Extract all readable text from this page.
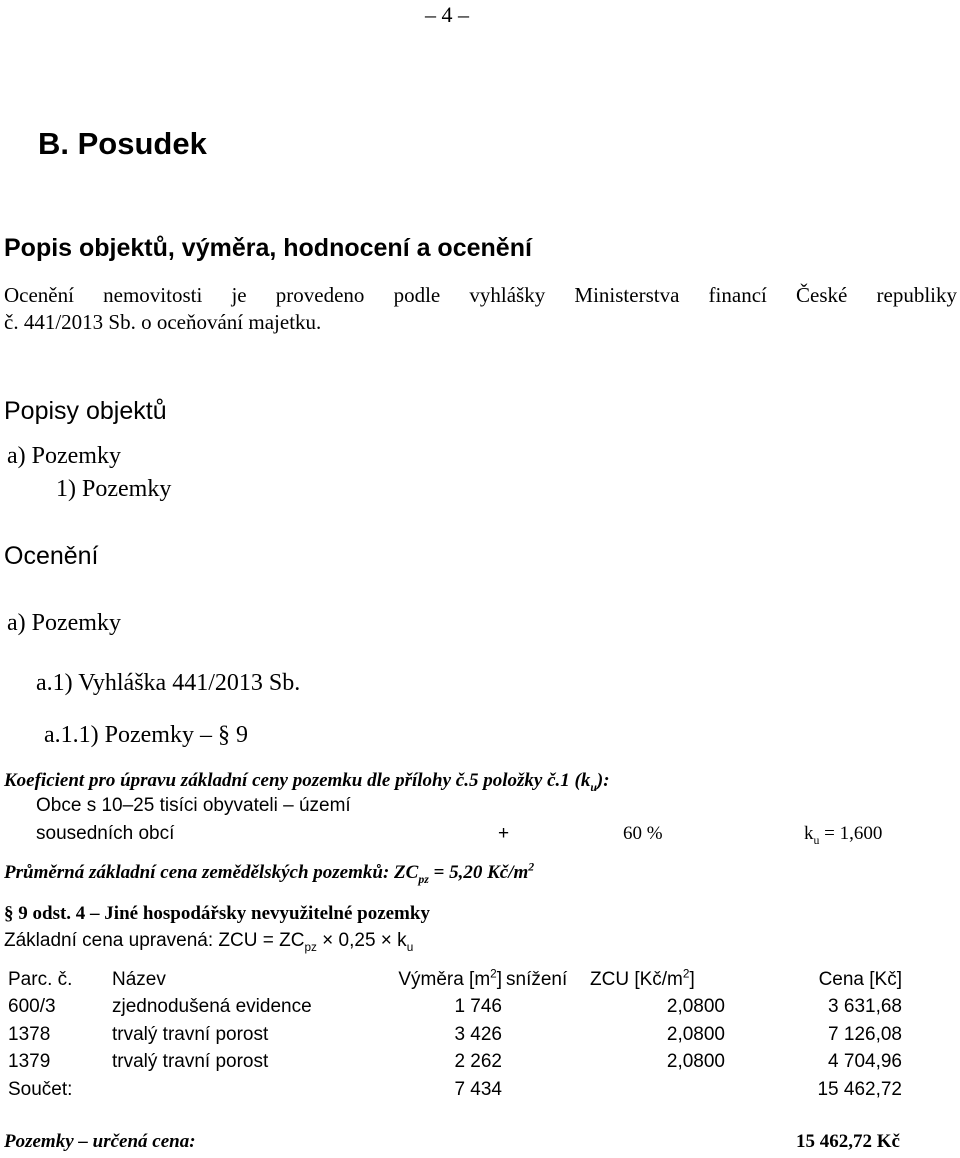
– 4 –
B. Posudek
Popis objektů, výměra, hodnocení a ocenění
Ocenění nemovitosti je provedeno podle vyhlášky Ministerstva financí České republiky
č. 441/2013 Sb. o oceňování majetku.
Popisy objektů
a) Pozemky
1) Pozemky
Ocenění
a) Pozemky
a.1) Vyhláška 441/2013 Sb.
a.1.1) Pozemky – § 9
Koeficient pro úpravu základní ceny pozemku dle přílohy č.5 položky č.1 $(k_u)$:
Obce s 10–25 tisíci obyvateli – území
sousedních obcí	+	60 %	$k_u = 1,600$
Průměrná základní cena zemědělských pozemků: $ZC_{pz} = 5,20$ $Kč/m^2$
§ 9 odst. 4 – Jiné hospodářsky nevyužitelné pozemky
Základní cena upravená: ZCU = $ZC_{pz} \times 0,25 \times k_u$
Parc. č.	Název	Výměra $[m^2]$	snížení	ZCU $[Kč/m^2]$	Cena [Kč]
600/3	zjednodušená evidence	1 746		2,0800	3 631,68
1378	trvalý travní porost	3 426		2,0800	7 126,08
1379	trvalý travní porost	2 262		2,0800	4 704,96
Součet:		7 434			15 462,72
Pozemky – určená cena:	15 462,72 Kč
